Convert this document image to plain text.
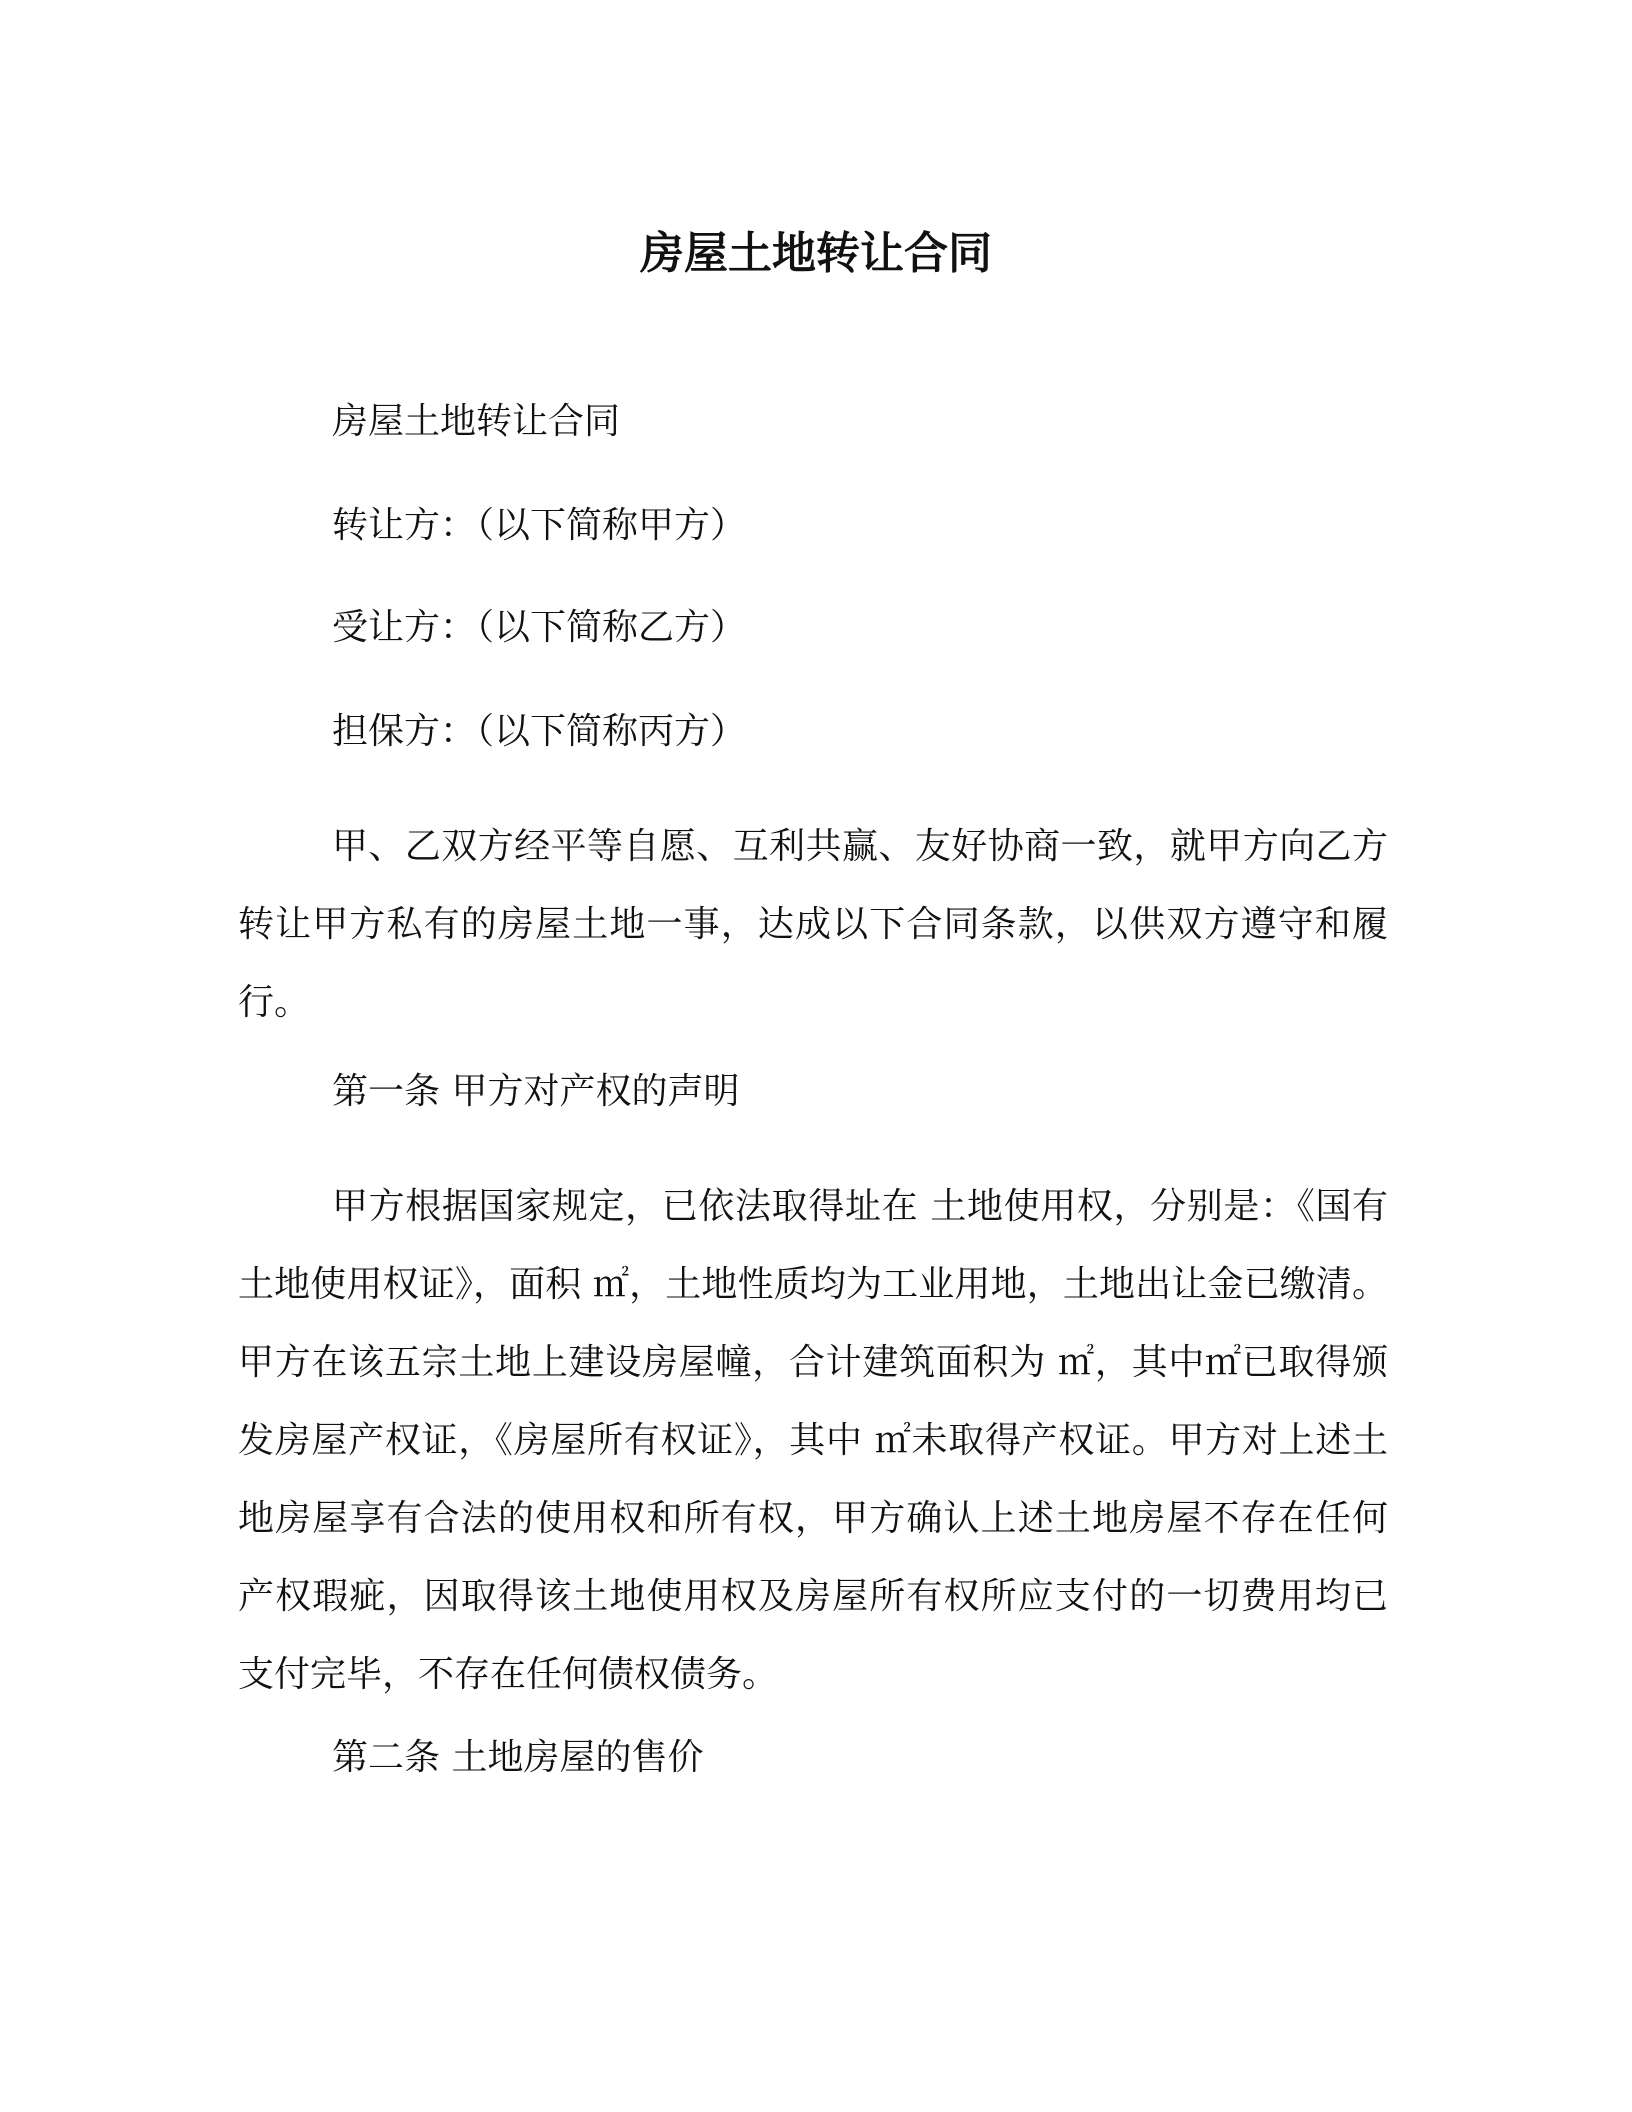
房屋土地转让合同

房屋土地转让合同

转让方：（以下简称甲方）

受让方：（以下简称乙方）

担保方：（以下简称丙方）

甲、乙双方经平等自愿、互利共赢、友好协商一致，就甲方向乙方转让甲方私有的房屋土地一事，达成以下合同条款，以供双方遵守和履行。

第一条 甲方对产权的声明

甲方根据国家规定，已依法取得址在 土地使用权，分别是：《国有土地使用权证》，面积 ㎡，土地性质均为工业用地，土地出让金已缴清。甲方在该五宗土地上建设房屋幢，合计建筑面积为 ㎡，其中㎡已取得颁发房屋产权证，《房屋所有权证》，其中 ㎡未取得产权证。甲方对上述土地房屋享有合法的使用权和所有权，甲方确认上述土地房屋不存在任何产权瑕疵，因取得该土地使用权及房屋所有权所应支付的一切费用均已支付完毕，不存在任何债权债务。

第二条 土地房屋的售价
